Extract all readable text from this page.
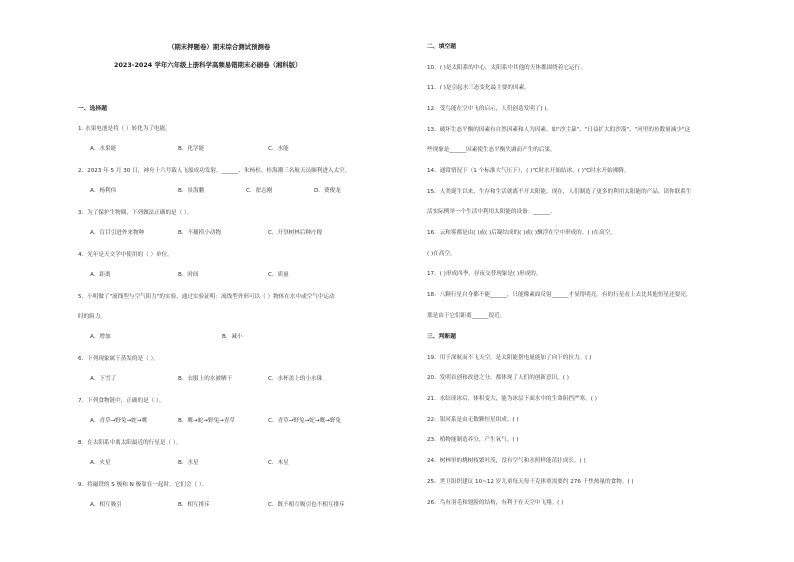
（期末押题卷）期末综合测试预测卷
2023-2024 学年六年级上册科学高频易错期末必刷卷（湘科版）
一、选择题
1. 水果电池是将（ ）转化为了电能。
A．水果能	B．化学能	C．水能
2．2023 年 5 月 30 日，神舟十六号载人飞船成功发射，______、朱杨柱、桂海潮三名航天员顺利进入太空。
A．杨利伟	B．景海鹏	C．翟志刚	D．费俊龙
3．为了保护生物圈，下列做法正确的是（ ）。
A．盲目引进外来物种	B．不捕捞小动物	C．开垦树林后种庄稼
4．光年是天文学中使用的（ ）单位。
A．距离	B．时间	C．质量
5．小明做了"流线型与空气阻力"的实验，通过实验证明：流线型外形可以（ ）物体在水中或空气中运动
时的阻力。
A．增加	B．减小
6．下列现象属于蒸发的是（ ）。
A．下雪了	B．衣服上的水被晒干	C．水杯盖上的小水珠
7．下列食物链中，正确的是（ ）。
A．青草→野兔→蛇→鹰	B．鹰→蛇→野兔→青草	C．青草→野兔→蛇→鹰→野兔
8．在太阳系中离太阳最近的行星是（ ）。
A．火星	B．水星	C．木星
9．将磁铁的 S 极和 N 极靠在一起时，它们会（ ）。
A．相互吸引	B．相互排斥	C．既不相互吸引也不相互排斥
二、填空题
10．( )是太阳系的中心，太阳系中其他的天体都围绕着它运行。
11．( )是引起水三态变化最主要的因素。
12．受鸟能在空中飞的启示，人们创造发明了( )。
13．破坏生态平衡的因素有自然因素和人为因素。如"沙尘暴"、"日益扩大的沙漠"、"河里的鱼数量减少"这
些现象是______因素使生态平衡失调而产生的后果。
14．通常情况下（1 个标准大气压下），( )℃时水开始结冰，( )℃时水开始沸腾。
15．人类诞生以来，生存和生活就离不开太阳能。现在，人们制造了更多的利用太阳能的产品。请你联系生
活实际例举一个生活中利用太阳能的设备：______。
16．云和雾都是由( )或( )后凝结成的( )或( )飘浮在空中形成的。( )在高空，
( )在高空。
17．( )形成四季，昼夜交替现象是( )形成的。
18．八颗行星自身都不能______，只能像素面反射______才显得明亮。有的行星看上去比其他恒星还要亮，
那是由于它们距离______很近。
三、判断题
19．用于深航而不飞天空，是太阳能帮电量能加了向下的拉力。( )
20．发明首创和改进之分，都体现了人们的创新意识。( )
21．水结成冰后，体积变大，能为冰层下面水中的生命阻挡严寒。( )
22．银河系是由无数颗恒星组成。( )
23．植物能制造养分，产生氧气。( )
24．树林里的桃树枝繁叶茂，没有空气和水照样能茁壮成长。( )
25．世卫组织建议 10~12 岁儿童每天每千克体重需要约 276 千焦热量的食物。( )
26．鸟有羽毛和翅膀的结构，有利于在天空中飞翔。( )
